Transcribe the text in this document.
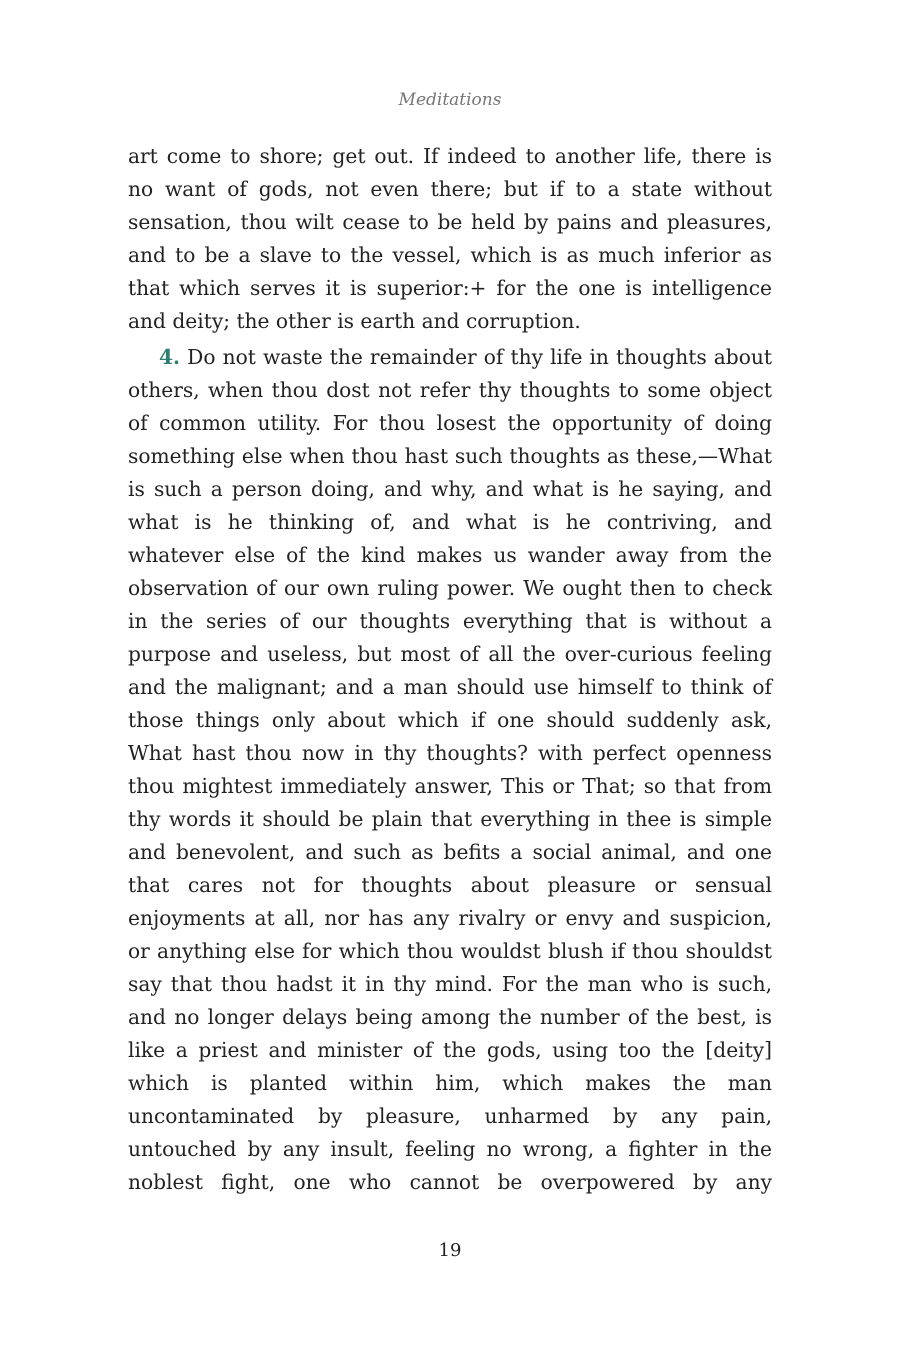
Meditations

art come to shore; get out. If indeed to another life, there is no want of gods, not even there; but if to a state without sensation, thou wilt cease to be held by pains and pleasures, and to be a slave to the vessel, which is as much inferior as that which serves it is superior:+ for the one is intelligence and deity; the other is earth and corruption.

4. Do not waste the remainder of thy life in thoughts about others, when thou dost not refer thy thoughts to some object of common utility. For thou losest the opportunity of doing something else when thou hast such thoughts as these,—What is such a person doing, and why, and what is he saying, and what is he thinking of, and what is he contriving, and whatever else of the kind makes us wander away from the observation of our own ruling power. We ought then to check in the series of our thoughts everything that is without a purpose and useless, but most of all the over-curious feeling and the malignant; and a man should use himself to think of those things only about which if one should suddenly ask, What hast thou now in thy thoughts? with perfect openness thou mightest immediately answer, This or That; so that from thy words it should be plain that everything in thee is simple and benevolent, and such as befits a social animal, and one that cares not for thoughts about pleasure or sensual enjoyments at all, nor has any rivalry or envy and suspicion, or anything else for which thou wouldst blush if thou shouldst say that thou hadst it in thy mind. For the man who is such, and no longer delays being among the number of the best, is like a priest and minister of the gods, using too the [deity] which is planted within him, which makes the man uncontaminated by pleasure, unharmed by any pain, untouched by any insult, feeling no wrong, a fighter in the noblest fight, one who cannot be overpowered by any

19
